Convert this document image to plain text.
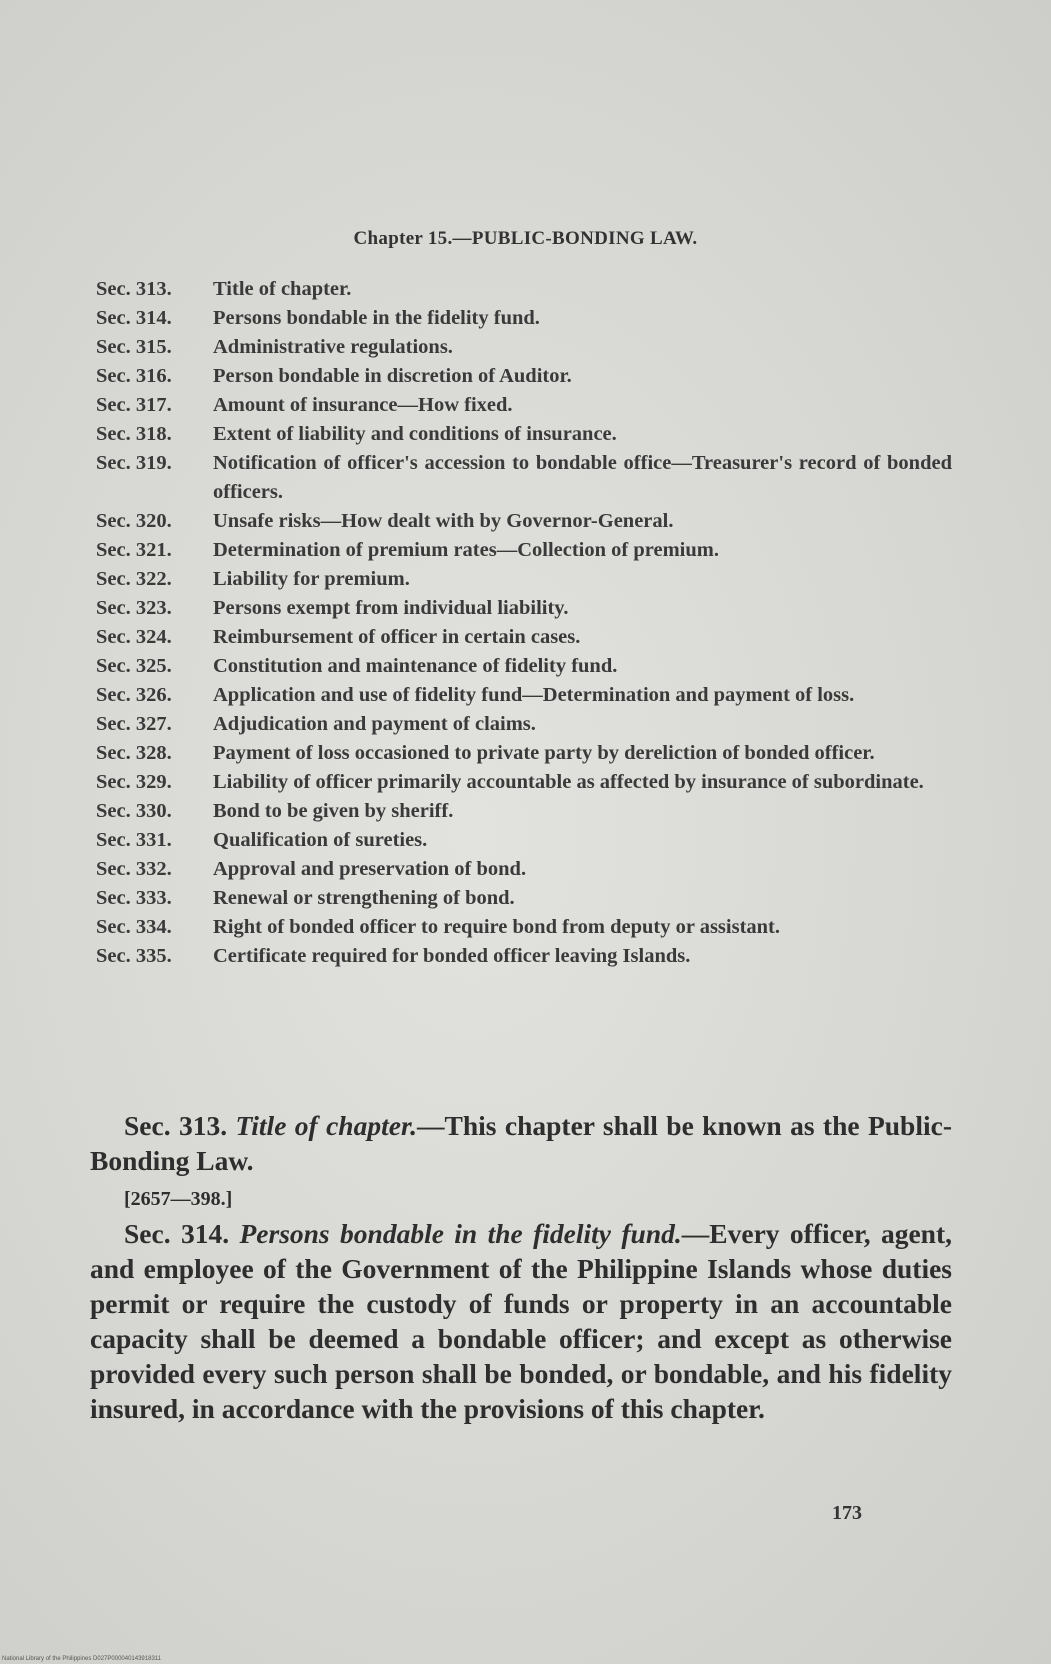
Chapter 15.—PUBLIC-BONDING LAW.
Sec. 313.	Title of chapter.
Sec. 314.	Persons bondable in the fidelity fund.
Sec. 315.	Administrative regulations.
Sec. 316.	Person bondable in discretion of Auditor.
Sec. 317.	Amount of insurance—How fixed.
Sec. 318.	Extent of liability and conditions of insurance.
Sec. 319.	Notification of officer's accession to bondable office—Treasurer's record of bonded officers.
Sec. 320.	Unsafe risks—How dealt with by Governor-General.
Sec. 321.	Determination of premium rates—Collection of premium.
Sec. 322.	Liability for premium.
Sec. 323.	Persons exempt from individual liability.
Sec. 324.	Reimbursement of officer in certain cases.
Sec. 325.	Constitution and maintenance of fidelity fund.
Sec. 326.	Application and use of fidelity fund—Determination and payment of loss.
Sec. 327.	Adjudication and payment of claims.
Sec. 328.	Payment of loss occasioned to private party by dereliction of bonded officer.
Sec. 329.	Liability of officer primarily accountable as affected by insurance of subordinate.
Sec. 330.	Bond to be given by sheriff.
Sec. 331.	Qualification of sureties.
Sec. 332.	Approval and preservation of bond.
Sec. 333.	Renewal or strengthening of bond.
Sec. 334.	Right of bonded officer to require bond from deputy or assistant.
Sec. 335.	Certificate required for bonded officer leaving Islands.

Sec. 313. Title of chapter.—This chapter shall be known as the Public-Bonding Law.

[2657—398.]

Sec. 314. Persons bondable in the fidelity fund.—Every officer, agent, and employee of the Government of the Philippine Islands whose duties permit or require the custody of funds or property in an accountable capacity shall be deemed a bondable officer; and except as otherwise provided every such person shall be bonded, or bondable, and his fidelity insured, in accordance with the provisions of this chapter.

173
National Library of the Philippines D027P000040143918311
